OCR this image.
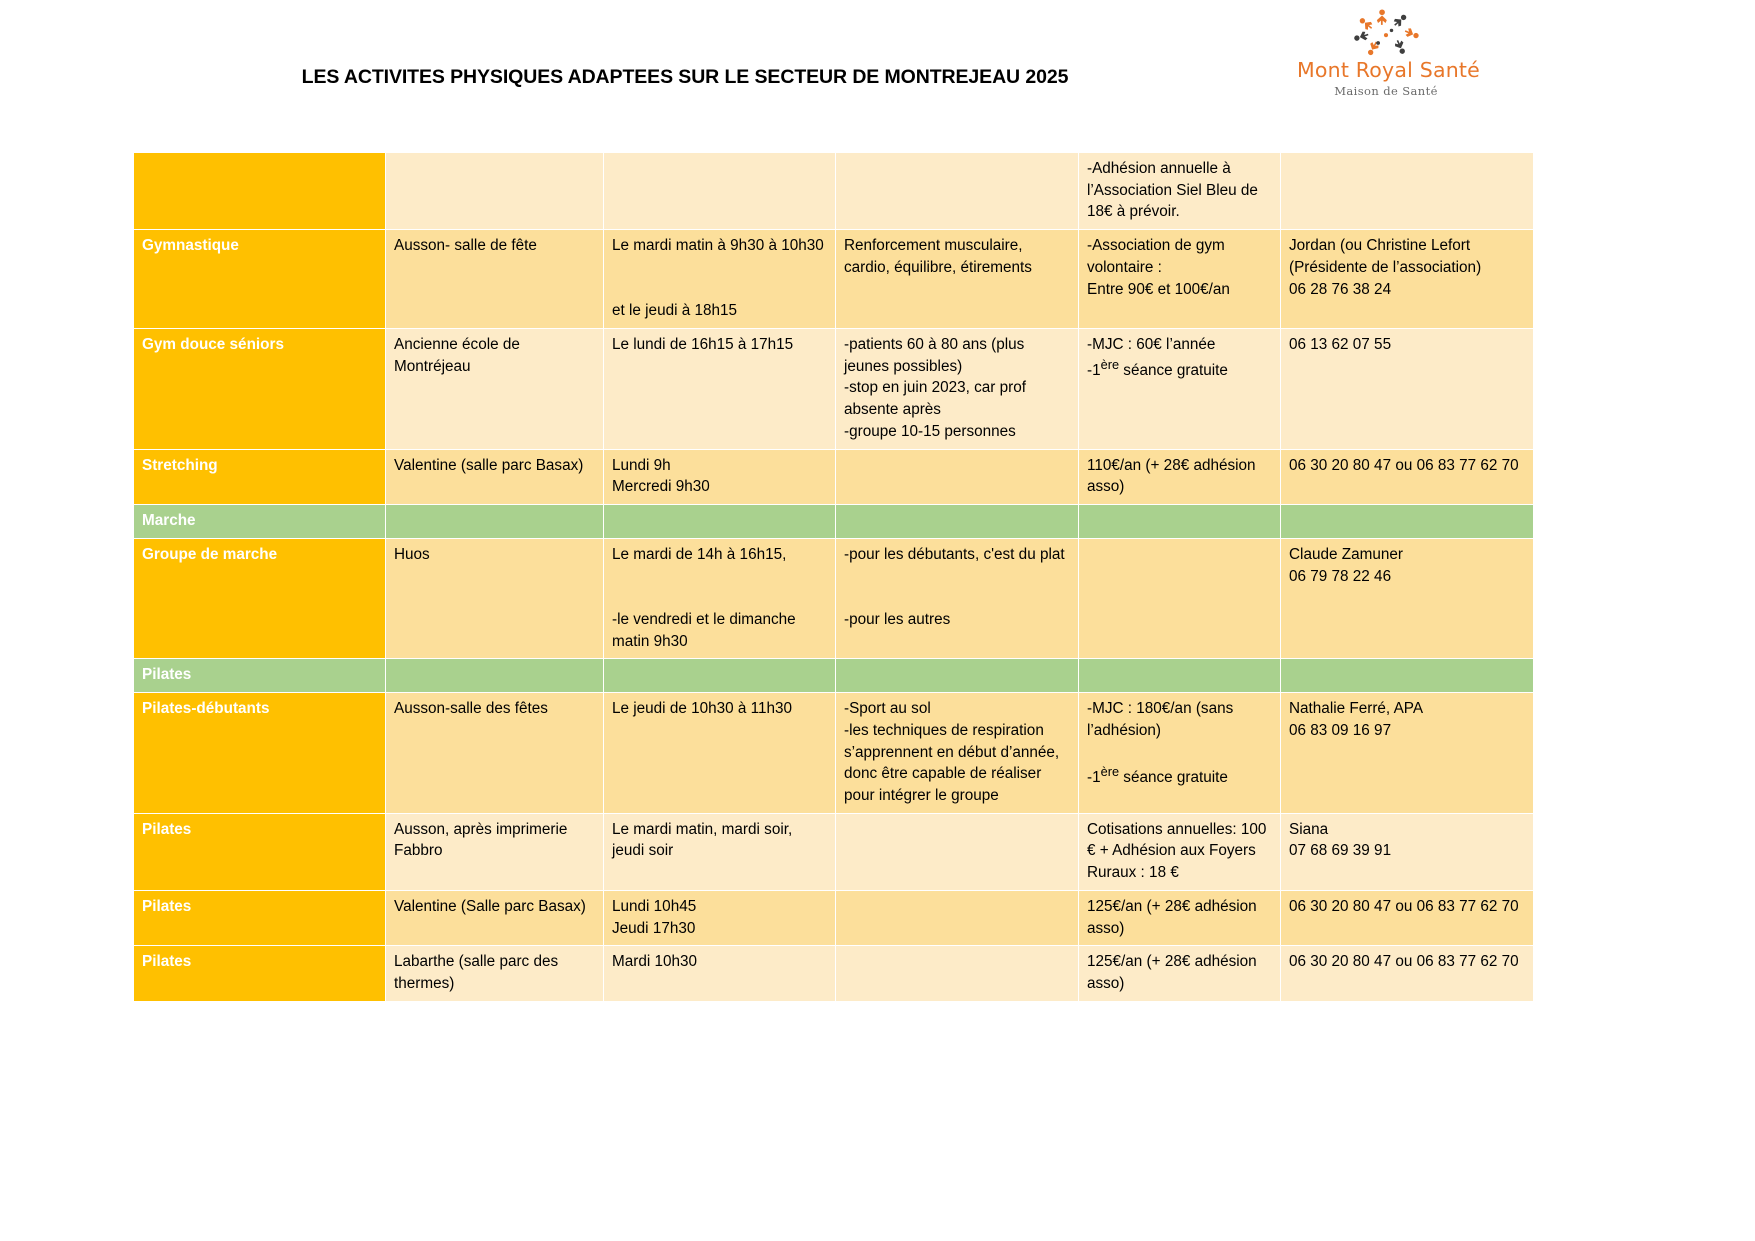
Mont Royal Santé
Maison de Santé
LES ACTIVITES PHYSIQUES ADAPTEES SUR LE SECTEUR DE MONTREJEAU 2025
				-Adhésion annuelle à l’Association Siel Bleu de 18€ à prévoir.	
Gymnastique	Ausson- salle de fête	Le mardi matin à 9h30 à 10h30

et le jeudi à 18h15	Renforcement musculaire, cardio, équilibre, étirements	-Association de gym volontaire :
Entre 90€ et 100€/an	Jordan (ou Christine Lefort (Présidente de l’association)
06 28 76 38 24
Gym douce séniors	Ancienne école de Montréjeau	Le lundi de 16h15 à 17h15	-patients 60 à 80 ans (plus jeunes possibles)
-stop en juin 2023, car prof absente après
-groupe 10-15 personnes	-MJC : 60€ l’année
-1ère séance gratuite	06 13 62 07 55
Stretching	Valentine (salle parc Basax)	Lundi 9h
Mercredi 9h30		110€/an (+ 28€ adhésion asso)	06 30 20 80 47 ou 06 83 77 62 70
Marche					
Groupe de marche	Huos	Le mardi de 14h à 16h15,

-le vendredi et le dimanche matin 9h30	-pour les débutants, c'est du plat

-pour les autres		Claude Zamuner
06 79 78 22 46
Pilates					
Pilates-débutants	Ausson-salle des fêtes	Le jeudi de 10h30 à 11h30	-Sport au sol
-les techniques de respiration s’apprennent en début d’année, donc être capable de réaliser pour intégrer le groupe	-MJC : 180€/an (sans l’adhésion)

-1ère séance gratuite	Nathalie Ferré, APA
06 83 09 16 97
Pilates	Ausson, après imprimerie Fabbro	Le mardi matin, mardi soir, jeudi soir		Cotisations annuelles: 100 € + Adhésion aux Foyers Ruraux : 18 €	Siana
07 68 69 39 91
Pilates	Valentine (Salle parc Basax)	Lundi 10h45
Jeudi 17h30		125€/an (+ 28€ adhésion asso)	06 30 20 80 47 ou 06 83 77 62 70
Pilates	Labarthe (salle parc des thermes)	Mardi 10h30		125€/an (+ 28€ adhésion asso)	06 30 20 80 47 ou 06 83 77 62 70
